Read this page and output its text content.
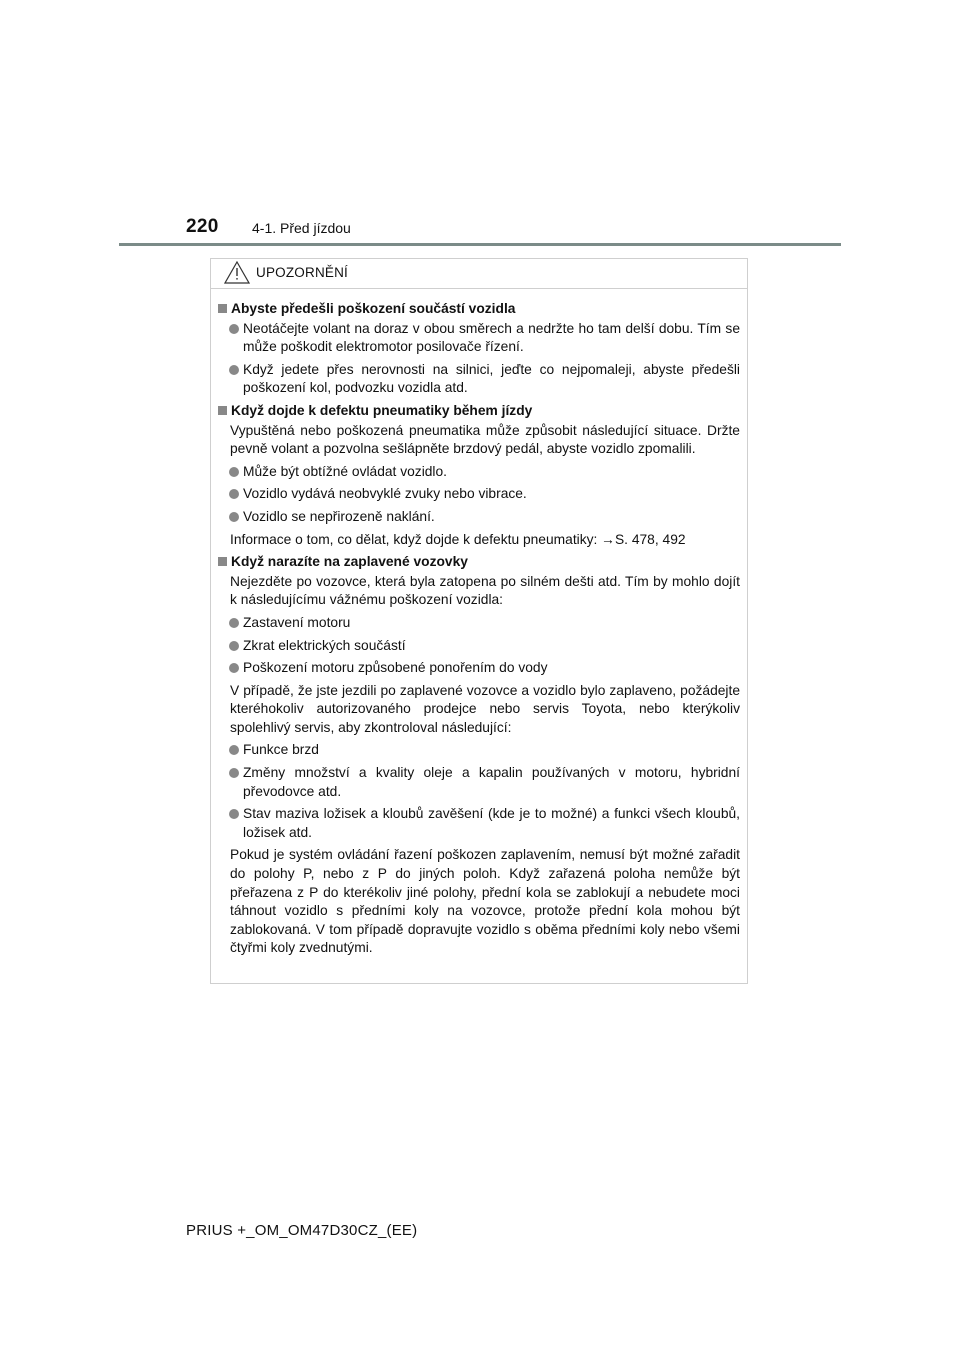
220 4-1. Před jízdou
UPOZORNĚNÍ
Abyste předešli poškození součástí vozidla
Neotáčejte volant na doraz v obou směrech a nedržte ho tam delší dobu. Tím se může poškodit elektromotor posilovače řízení.
Když jedete přes nerovnosti na silnici, jeďte co nejpomaleji, abyste předešli poškození kol, podvozku vozidla atd.
Když dojde k defektu pneumatiky během jízdy
Vypuštěná nebo poškozená pneumatika může způsobit následující situace. Držte pevně volant a pozvolna sešlápněte brzdový pedál, abyste vozidlo zpomalili.
Může být obtížné ovládat vozidlo.
Vozidlo vydává neobvyklé zvuky nebo vibrace.
Vozidlo se nepřirozeně naklání.
Informace o tom, co dělat, když dojde k defektu pneumatiky: →S. 478, 492
Když narazíte na zaplavené vozovky
Nejezděte po vozovce, která byla zatopena po silném dešti atd. Tím by mohlo dojít k následujícímu vážnému poškození vozidla:
Zastavení motoru
Zkrat elektrických součástí
Poškození motoru způsobené ponořením do vody
V případě, že jste jezdili po zaplavené vozovce a vozidlo bylo zaplaveno, požádejte kteréhokoliv autorizovaného prodejce nebo servis Toyota, nebo kterýkoliv spolehlivý servis, aby zkontroloval následující:
Funkce brzd
Změny množství a kvality oleje a kapalin používaných v motoru, hybridní převodovce atd.
Stav maziva ložisek a kloubů zavěšení (kde je to možné) a funkci všech kloubů, ložisek atd.
Pokud je systém ovládání řazení poškozen zaplavením, nemusí být možné zařadit do polohy P, nebo z P do jiných poloh. Když zařazená poloha nemůže být přeřazena z P do kterékoliv jiné polohy, přední kola se zablokují a nebudete moci táhnout vozidlo s předními koly na vozovce, protože přední kola mohou být zablokovaná. V tom případě dopravujte vozidlo s oběma předními koly nebo všemi čtyřmi koly zvednutými.
PRIUS +_OM_OM47D30CZ_(EE)
